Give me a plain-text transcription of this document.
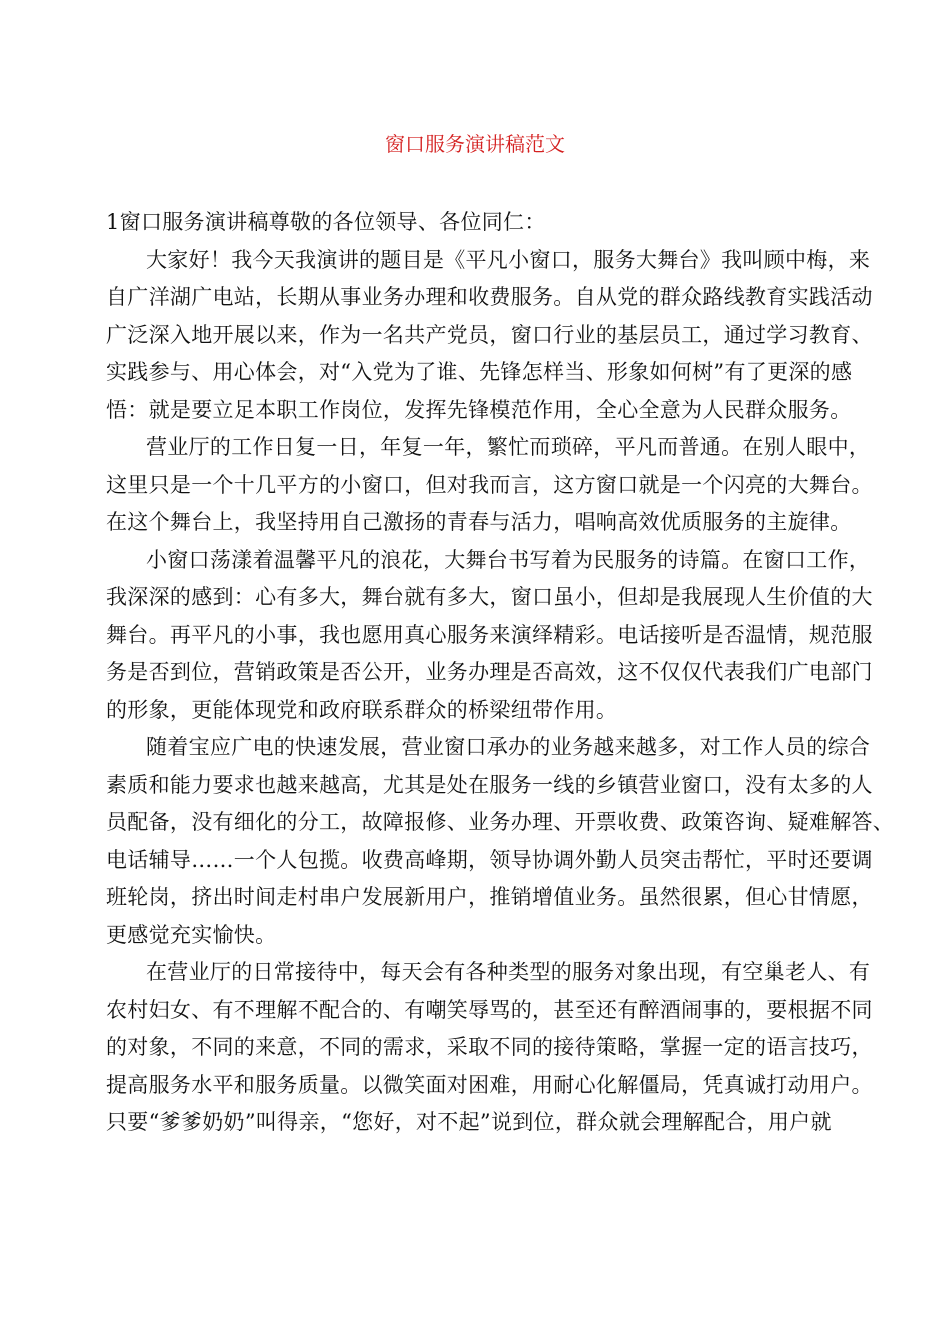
窗口服务演讲稿范文
1窗口服务演讲稿尊敬的各位领导、各位同仁：
大家好！我今天我演讲的题目是《平凡小窗口，服务大舞台》我叫顾中梅，来
自广洋湖广电站，长期从事业务办理和收费服务。自从党的群众路线教育实践活动
广泛深入地开展以来，作为一名共产党员，窗口行业的基层员工，通过学习教育、
实践参与、用心体会，对“入党为了谁、先锋怎样当、形象如何树”有了更深的感
悟：就是要立足本职工作岗位，发挥先锋模范作用，全心全意为人民群众服务。
营业厅的工作日复一日，年复一年，繁忙而琐碎，平凡而普通。在别人眼中，
这里只是一个十几平方的小窗口，但对我而言，这方窗口就是一个闪亮的大舞台。
在这个舞台上，我坚持用自己激扬的青春与活力，唱响高效优质服务的主旋律。
小窗口荡漾着温馨平凡的浪花，大舞台书写着为民服务的诗篇。在窗口工作，
我深深的感到：心有多大，舞台就有多大，窗口虽小，但却是我展现人生价值的大
舞台。再平凡的小事，我也愿用真心服务来演绎精彩。电话接听是否温情，规范服
务是否到位，营销政策是否公开，业务办理是否高效，这不仅仅代表我们广电部门
的形象，更能体现党和政府联系群众的桥梁纽带作用。
随着宝应广电的快速发展，营业窗口承办的业务越来越多，对工作人员的综合
素质和能力要求也越来越高，尤其是处在服务一线的乡镇营业窗口，没有太多的人
员配备，没有细化的分工，故障报修、业务办理、开票收费、政策咨询、疑难解答、
电话辅导……一个人包揽。收费高峰期，领导协调外勤人员突击帮忙，平时还要调
班轮岗，挤出时间走村串户发展新用户，推销增值业务。虽然很累，但心甘情愿，
更感觉充实愉快。
在营业厅的日常接待中，每天会有各种类型的服务对象出现，有空巢老人、有
农村妇女、有不理解不配合的、有嘲笑辱骂的，甚至还有醉酒闹事的，要根据不同
的对象，不同的来意，不同的需求，采取不同的接待策略，掌握一定的语言技巧，
提高服务水平和服务质量。以微笑面对困难，用耐心化解僵局，凭真诚打动用户。
只要“爹爹奶奶”叫得亲，“您好，对不起”说到位，群众就会理解配合，用户就
